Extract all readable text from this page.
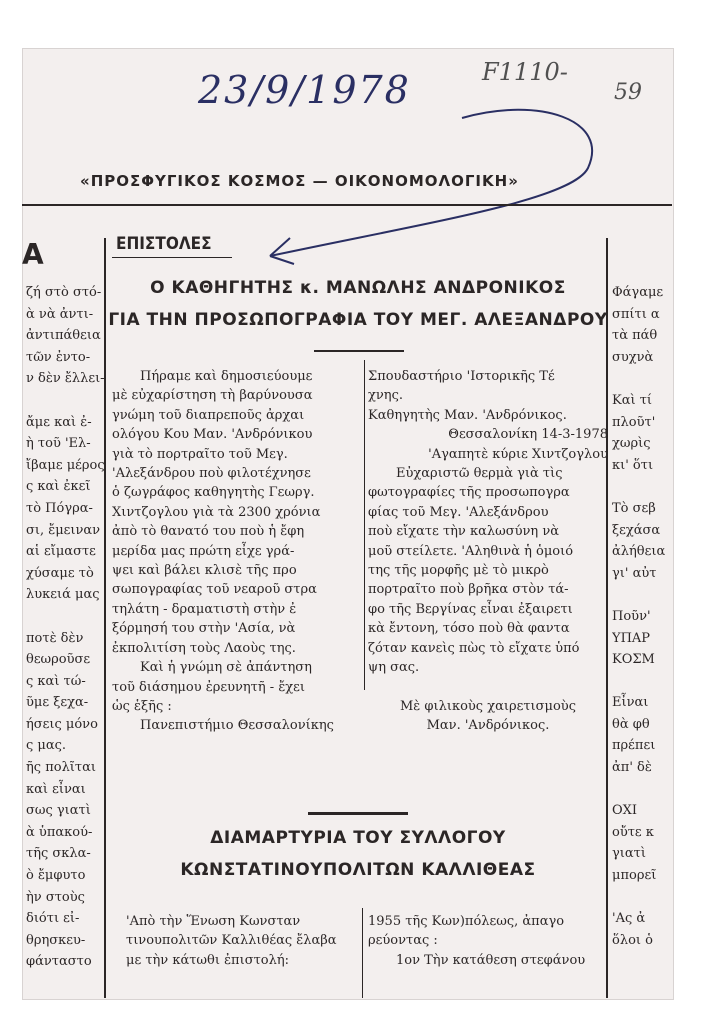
23/9/1978	F1110-
59
«ΠΡΟΣΦΥΓΙΚΟΣ ΚΟΣΜΟΣ — ΟΙΚΟΝΟΜΟΛΟΓΙΚΗ»
Α
ζή στὸ στό-
ὰ νὰ ἀντι-
ἀντιπάθεια
τῶν ἐντο-
ν δὲν ἔλλει-

ἄμε καὶ ἐ-
ὴ τοῦ 'Ελ-
ἴβαμε μέρος
ς καὶ ἐκεῖ
τὸ Πόγρα-
σι, ἔμειναν
αἱ εἴμαστε
χύσαμε τὸ
λυκειά μας

ποτὲ δὲν
θεωροῦσε
ς καὶ τώ-
ῦμε ξεχα-
ήσεις μόνο
ς μας.
ῆς πολῖται
καὶ εἶναι
σως γιατὶ
ὰ ὑπακού-
τῆς σκλα-
ὸ ἔμφυτο
ὴν στοὺς
διότι εἰ-
θρησκευ-
φάνταστο
Φάγαμε
σπίτι α
τὰ πάθ
συχνὰ

Καὶ τί
πλοῦτ'
χωρὶς
κι' ὅτι

Τὸ σεβ
ξεχάσα
ἀλήθεια
γι' αὐτ

Ποῦν'
ΥΠΑΡ
ΚΟΣΜ

Εἶναι
θὰ φθ
πρέπει
ἀπ' δὲ

ΟΧΙ
οὔτε κ
γιατὶ
μπορεῖ

'Ας ἀ
ὅλοι ὁ
ΕΠΙΣΤΟΛΕΣ
Ο ΚΑΘΗΓΗΤΗΣ κ. ΜΑΝΩΛΗΣ ΑΝΔΡΟΝΙΚΟΣ
ΓΙΑ ΤΗΝ ΠΡΟΣΩΠΟΓΡΑΦΙΑ ΤΟΥ ΜΕΓ. ΑΛΕΞΑΝΔΡΟΥ
Πήραμε καὶ δημοσιεύουμε
μὲ εὐχαρίστηση τὴ βαρύνουσα
γνώμη τοῦ διαπρεποῦς ἀρχαι
ολόγου Κου Μαν. 'Ανδρόνικου
γιὰ τὸ πορτραῖτο τοῦ Μεγ.
'Αλεξάνδρου ποὺ φιλοτέχνησε
ὁ ζωγράφος καθηγητὴς Γεωργ.
Χιντζογλου γιὰ τὰ 2300 χρόνια
ἀπὸ τὸ θανατό του ποὺ ἡ ἔφη
μερίδα μας πρώτη εἶχε γρά-
ψει καὶ βάλει κλισὲ τῆς προ
σωπογραφίας τοῦ νεαροῦ στρα
τηλάτη - δραματιστὴ στὴν ἐ
ξόρμησή του στὴν 'Ασία, νὰ
ἐκπολιτίση τοὺς Λαοὺς της.
Καὶ ἡ γνώμη σὲ ἀπάντηση
τοῦ διάσημου ἐρευνητῆ - ἔχει
ὡς ἑξῆς :
Πανεπιστήμιο Θεσσαλονίκης
Σπουδαστήριο 'Ιστορικῆς Τέ
χνης.
Καθηγητὴς Μαν. 'Ανδρόνικος.
Θεσσαλονίκη 14-3-1978
'Αγαπητὲ κύριε Χιντζογλου
Εὐχαριστῶ θερμὰ γιὰ τὶς
φωτογραφίες τῆς προσωπογρα
φίας τοῦ Μεγ. 'Αλεξάνδρου
ποὺ εἴχατε τὴν καλωσύνη νὰ
μοῦ στείλετε. 'Αληθινὰ ἡ ὁμοιό
της τῆς μορφῆς μὲ τὸ μικρὸ
πορτραῖτο ποὺ βρῆκα στὸν τά-
φο τῆς Βεργίνας εἶναι ἐξαιρετι
κὰ ἔντονη, τόσο ποὺ θὰ φαντα
ζόταν κανεὶς πὼς τὸ εἴχατε ὑπό
ψη σας.

Μὲ φιλικοὺς χαιρετισμοὺς
Μαν. 'Ανδρόνικος.
ΔΙΑΜΑΡΤΥΡΙΑ ΤΟΥ ΣΥΛΛΟΓΟΥ
ΚΩΝΣΤΑΤΙΝΟΥΠΟΛΙΤΩΝ ΚΑΛΛΙΘΕΑΣ
'Απὸ τὴν Ἕνωση Κωνσταν
τινουπολιτῶν Καλλιθέας ἔλαβα
με τὴν κάτωθι ἐπιστολή:
1955 τῆς Κων)πόλεως, ἀπαγο
ρεύοντας :
1ον Τὴν κατάθεση στεφάνου
